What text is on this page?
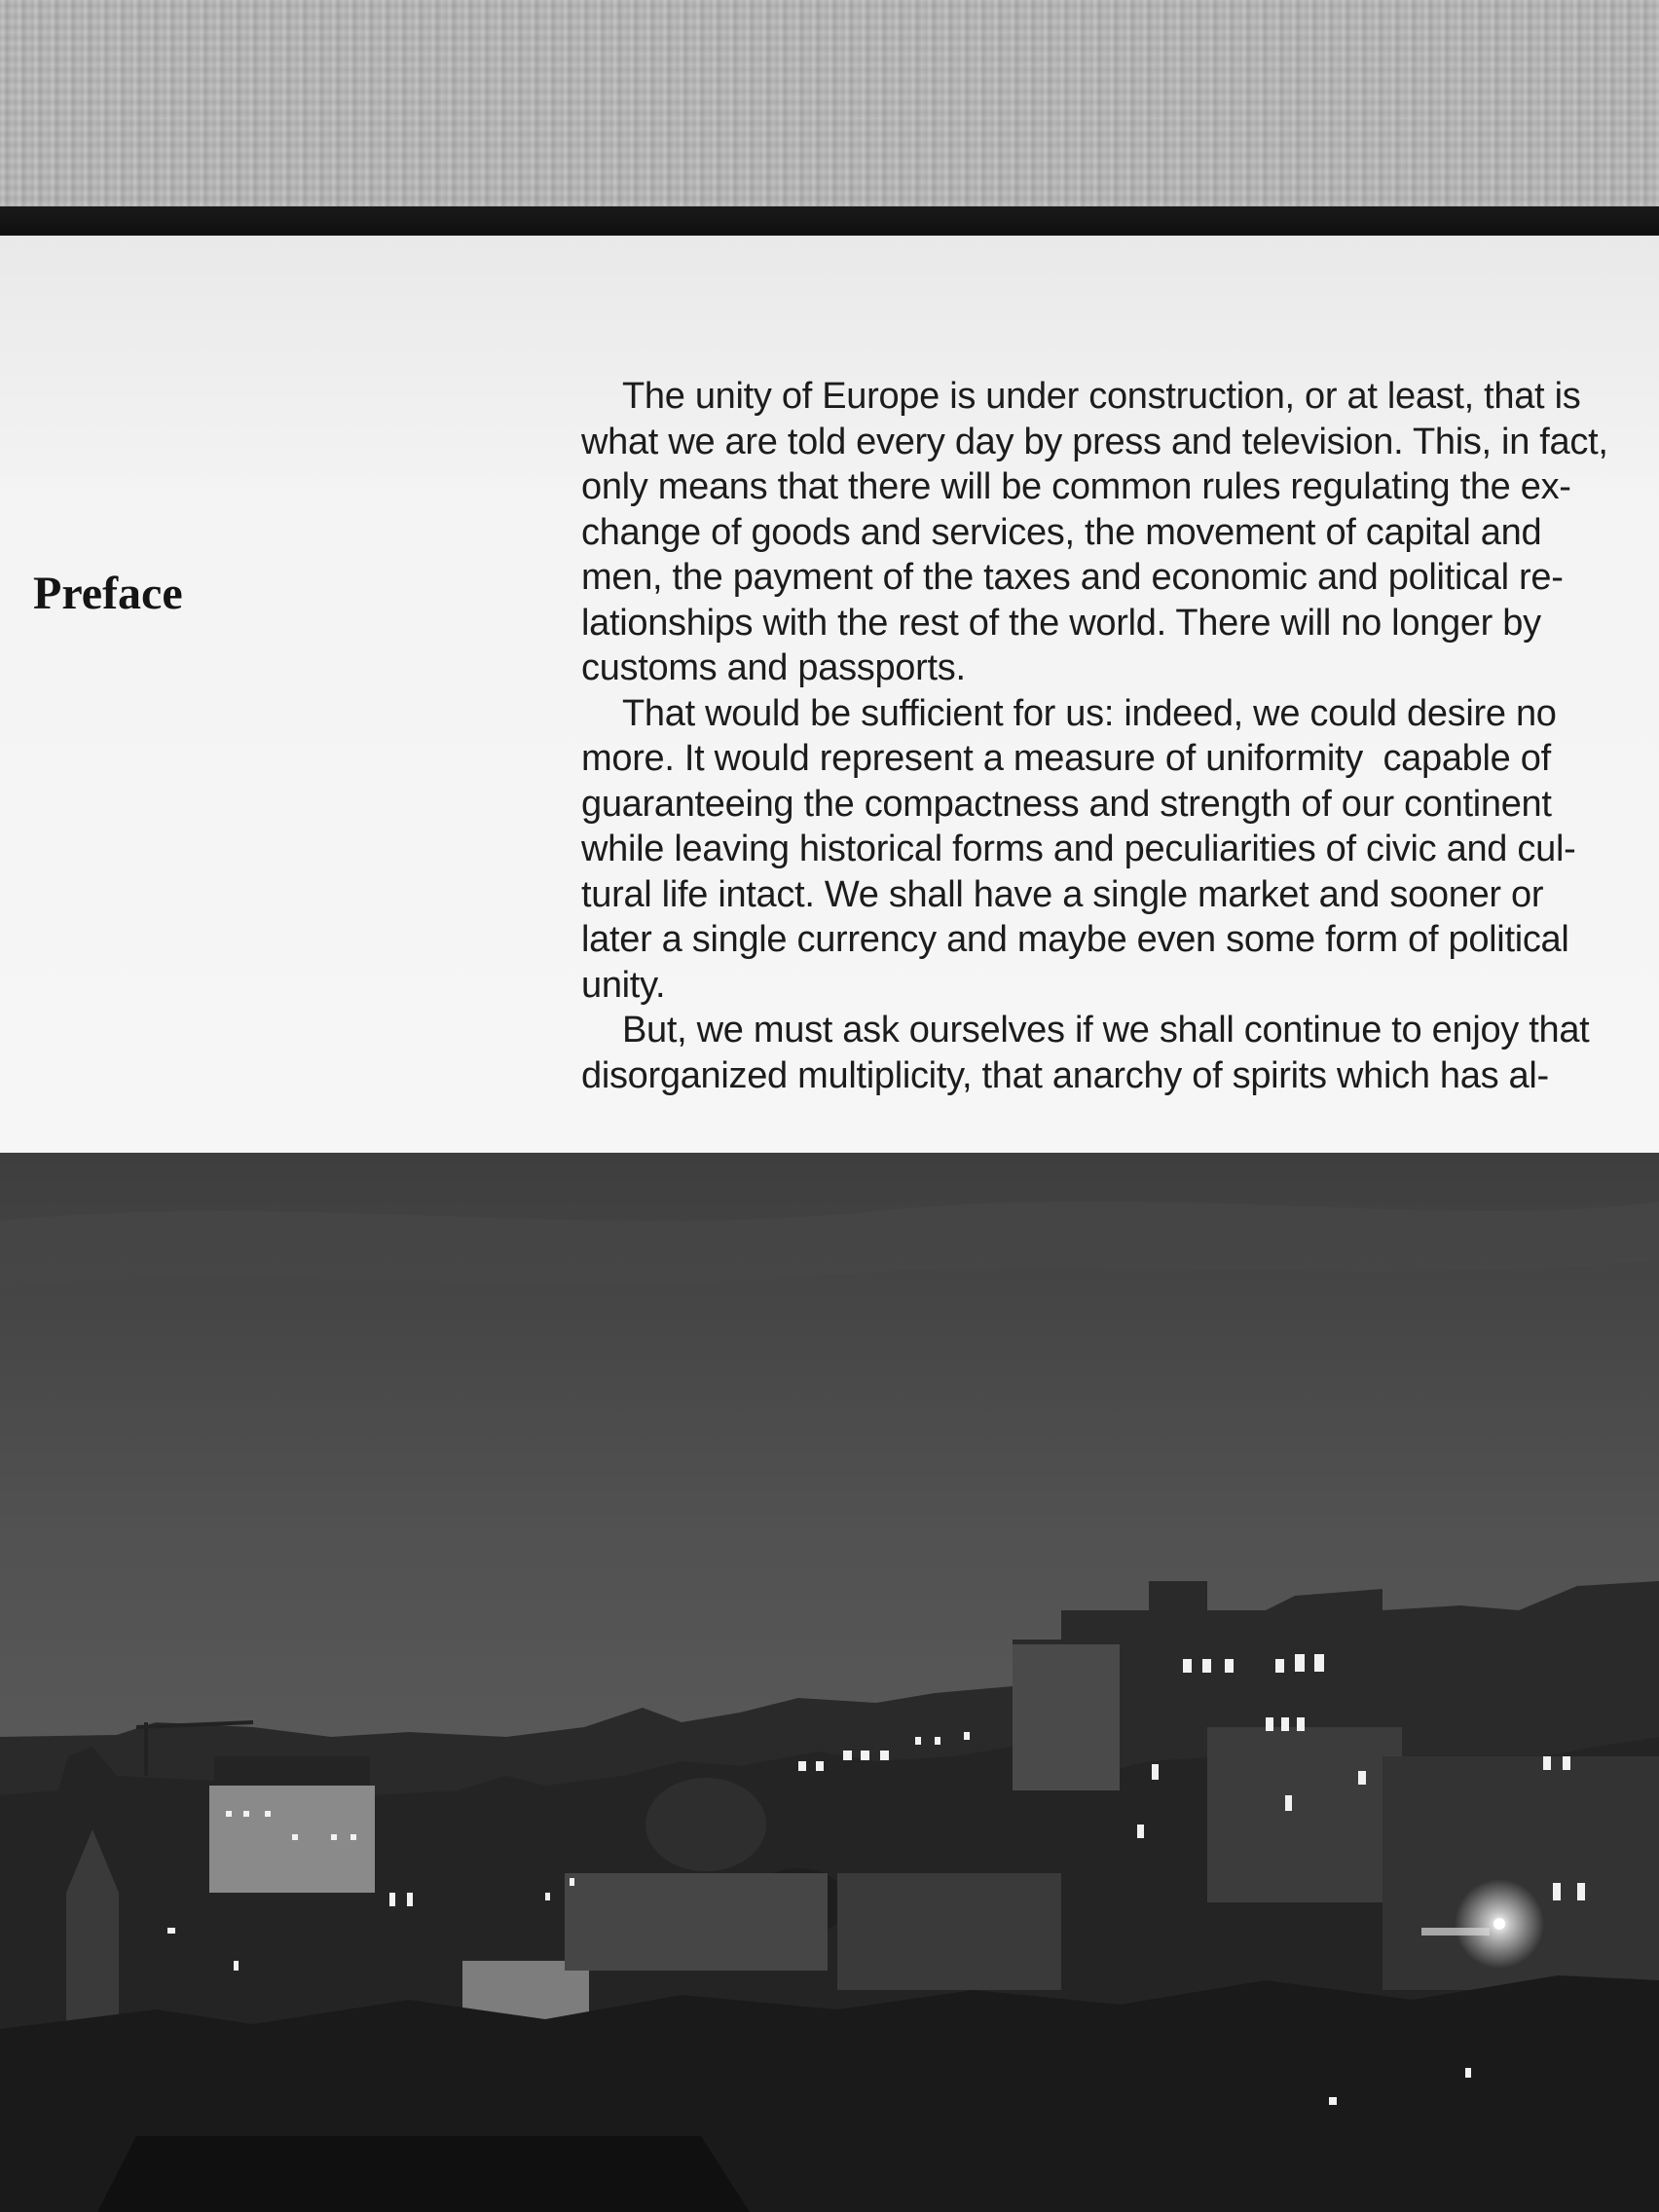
Preface
The unity of Europe is under construction, or at least, that is
what we are told every day by press and television. This, in fact,
only means that there will be common rules regulating the ex-
change of goods and services, the movement of capital and
men, the payment of the taxes and economic and political re-
lationships with the rest of the world. There will no longer by
customs and passports.
That would be sufficient for us: indeed, we could desire no
more. It would represent a measure of uniformity  capable of
guaranteeing the compactness and strength of our continent
while leaving historical forms and peculiarities of civic and cul-
tural life intact. We shall have a single market and sooner or
later a single currency and maybe even some form of political
unity.
But, we must ask ourselves if we shall continue to enjoy that
disorganized multiplicity, that anarchy of spirits which has al-
